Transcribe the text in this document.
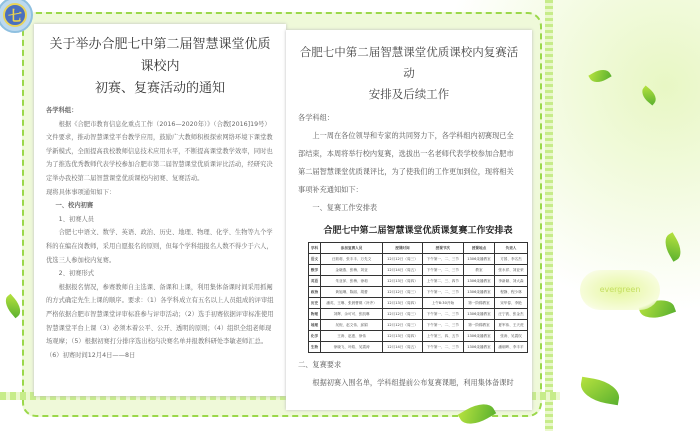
关于举办合肥七中第二届智慧课堂优质课校内
初赛、复赛活动的通知
各学科组：
根据《合肥市教育信息化重点工作（2016—2020年）》（合教[2016]19号）文件要求，推动智慧课堂平台教学应用，鼓励广大教师积极探索网络环境下课堂教学新模式，全面提高我校教师信息技术应用水平，不断提高课堂教学效率，同时也为了推选优秀教师代表学校参加合肥市第二届智慧课堂优质课评比活动，经研究决定举办我校第二届智慧课堂优质课校内初赛、复赛活动。
现将具体事项通知如下：
一、校内初赛
1、初赛人员
合肥七中语文、数学、英语、政治、历史、地理、物理、化学、生物等九个学科的在编在岗教师，采用自愿报名的原则，但每个学科组报名人数不得少于六人，优选三人参加校内复赛。
2、初赛形式
根据报名情况，参赛教师自主选课、备课和上课，利用集体备课时间采用抓阄的方式确定先生上课的顺序。要求：（1）各学科成立有五名以上人员组成的评审组严格依据合肥市智慧课堂评审标准参与评审活动；（2）选手初赛依据评审标准使用智慧课堂平台上课（3）必须本着公平、公开、透明的原则；（4）组织全组老师现场观摩；（5）根据初赛打分排序选出校内决赛名单并报教科研处李敏老师汇总。
（6）初赛时间12月4日——8日
七
合肥七中第二届智慧课堂优质课校内复赛活动
安排及后续工作
各学科组：
上一周在各位领导和专家的共同努力下，各学科组内初赛现已全部结束，本周将举行校内复赛，选拔出一名老师代表学校参加合肥市第二届智慧课堂优质课评比，为了使我们的工作更加到位，现将相关事项补充通知如下：
一、复赛工作安排表
合肥七中第二届智慧课堂优质课复赛工作安排表
学科	参加复赛人员	授课时间	授课节次	授课地点	负责人
语文	汪莉莉、张丰丰、万先文	12月12日（周三）	下午第一、二、三节	1306录播教室	方园、李名杰
数学	金晓燕、张梅、刘亚	12月14日（周五）	下午第一、二、三节	教室	张永祥、刘亚荣
英语	朱亚萍、张梅、徐莉	12月13日（周四）	上午第二、三、四节	1306录播教室	李新颖、刘大森
政治	黄旭琳、陈丽、胡蕾	12月12日（周三）	下午第一、二、三节	1306录播教室	程静、程少林
历史	潘英、王琳、张晨曹瑛（补齐）	12月13日（周四）	上午8:30开始	第一阶梯教室	宋华春、李艳
物理	刘辉、余可可、张凯琳	12月12日（周三）	下午第一、二、三节	1306录播教室	汪宁波、张金杰
地理	吴倪、赵文伟、邱娟	12月12日（周三）	下午第一、二、三节	第一阶梯教室	夏军伟、王天虎
化学	王涛、赵惠、徐伟	12月13日（周四）	上午第三、四、五节	1306录播教室	张涛、吴震权
生物	徐晓飞、叶皓、吴震涛	12月14日（周五）	下午第一、二、三节	1306录播教室	潘朝晖、李丰平
二、复赛要求
根据初赛入围名单，学科组提前公布复赛课题，利用集体备课时
evergreen
